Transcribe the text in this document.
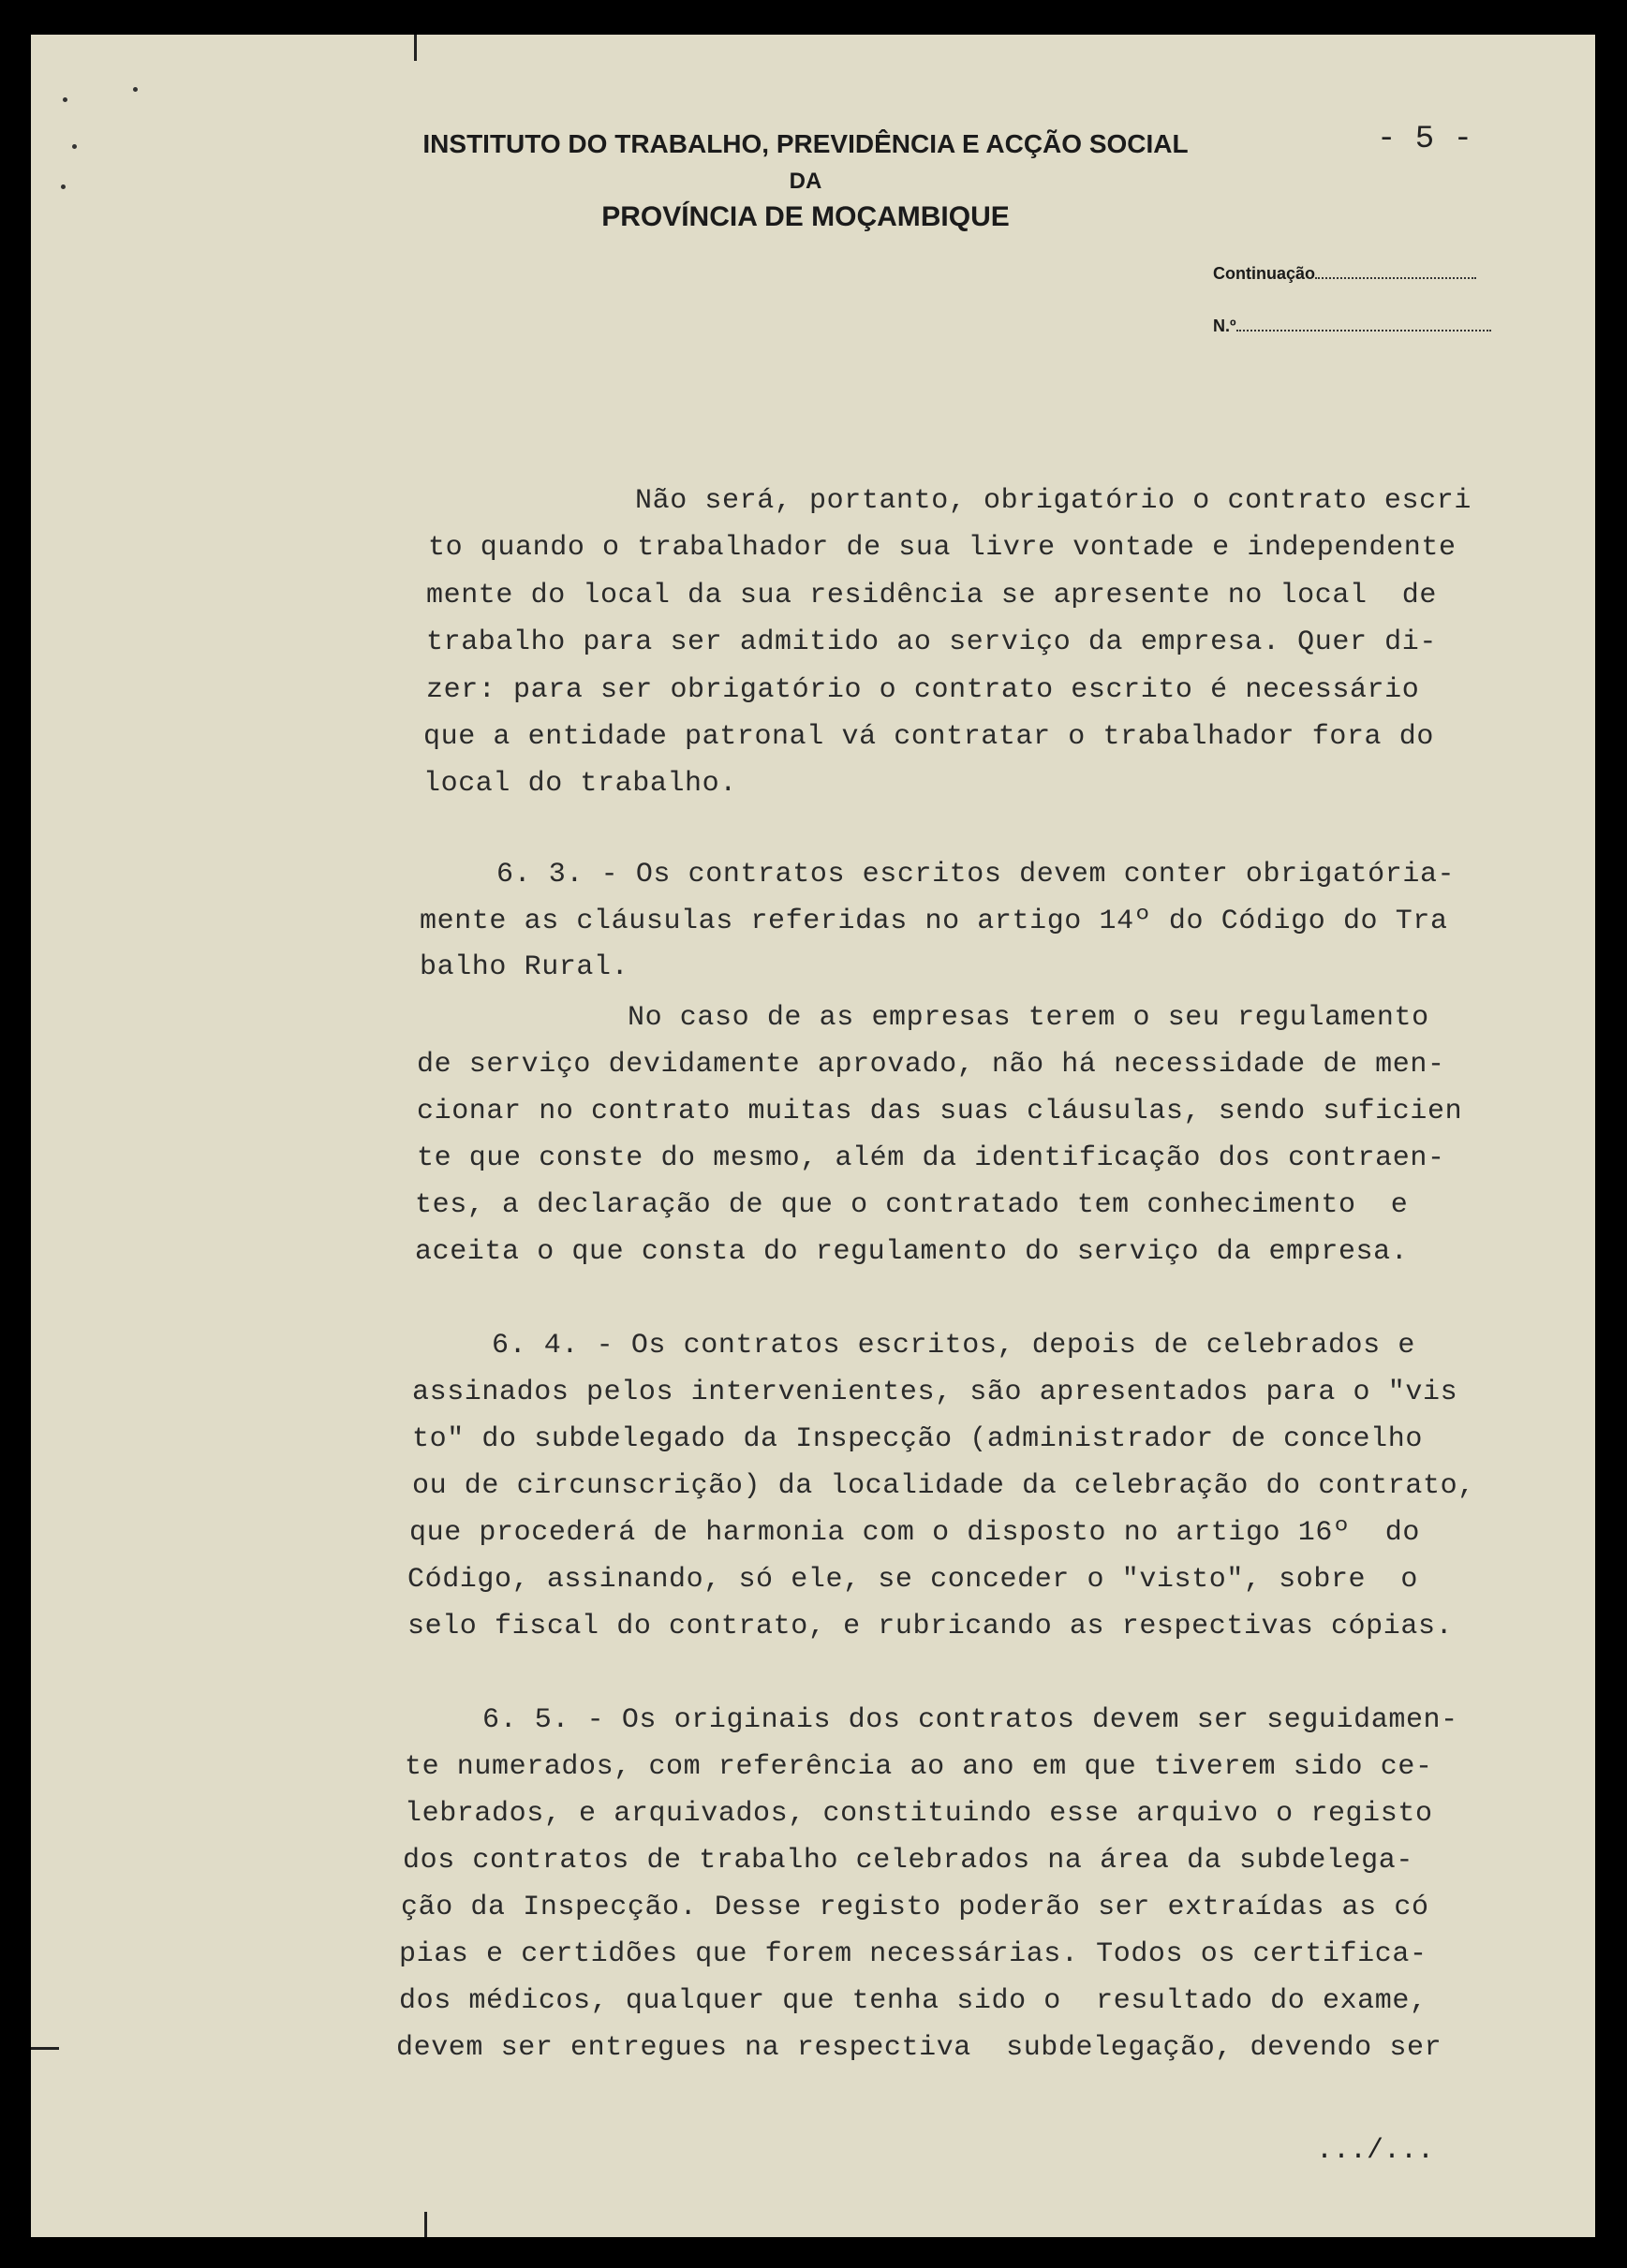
INSTITUTO DO TRABALHO, PREVIDÊNCIA E ACÇÃO SOCIAL
DA
PROVÍNCIA DE MOÇAMBIQUE
- 5 -
Continuação
N.º
Não será, portanto, obrigatório o contrato escri
to quando o trabalhador de sua livre vontade e independente
mente do local da sua residência se apresente no local  de
trabalho para ser admitido ao serviço da empresa. Quer di-
zer: para ser obrigatório o contrato escrito é necessário
que a entidade patronal vá contratar o trabalhador fora do
local do trabalho.
6. 3. - Os contratos escritos devem conter obrigatória-
mente as cláusulas referidas no artigo 14º do Código do Tra
balho Rural.
No caso de as empresas terem o seu regulamento
de serviço devidamente aprovado, não há necessidade de men-
cionar no contrato muitas das suas cláusulas, sendo suficien
te que conste do mesmo, além da identificação dos contraen-
tes, a declaração de que o contratado tem conhecimento  e
aceita o que consta do regulamento do serviço da empresa.
6. 4. - Os contratos escritos, depois de celebrados e
assinados pelos intervenientes, são apresentados para o "vis
to" do subdelegado da Inspecção (administrador de concelho
ou de circunscrição) da localidade da celebração do contrato,
que procederá de harmonia com o disposto no artigo 16º  do
Código, assinando, só ele, se conceder o "visto", sobre  o
selo fiscal do contrato, e rubricando as respectivas cópias.
6. 5. - Os originais dos contratos devem ser seguidamen-
te numerados, com referência ao ano em que tiverem sido ce-
lebrados, e arquivados, constituindo esse arquivo o registo
dos contratos de trabalho celebrados na área da subdelega-
ção da Inspecção. Desse registo poderão ser extraídas as có
pias e certidões que forem necessárias. Todos os certifica-
dos médicos, qualquer que tenha sido o  resultado do exame,
devem ser entregues na respectiva  subdelegação, devendo ser
.../...
